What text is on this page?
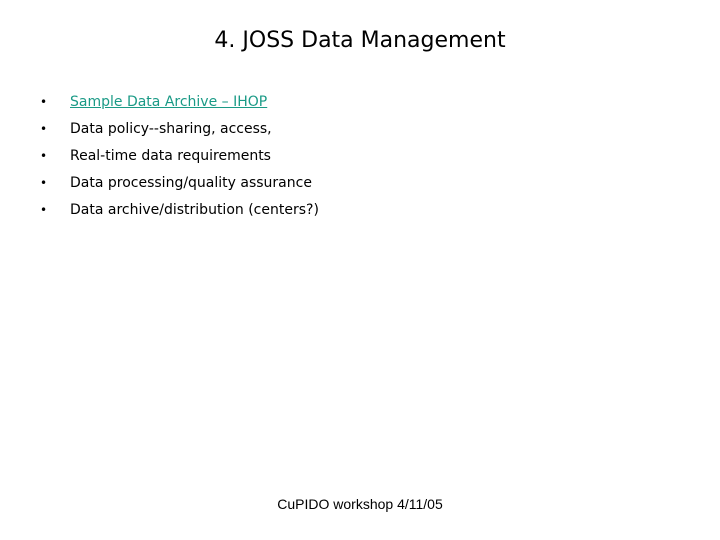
4. JOSS Data Management
•	Sample Data Archive – IHOP
•	Data policy--sharing, access,
•	Real-time data requirements
•	Data processing/quality assurance
•	Data archive/distribution (centers?)
CuPIDO workshop 4/11/05
